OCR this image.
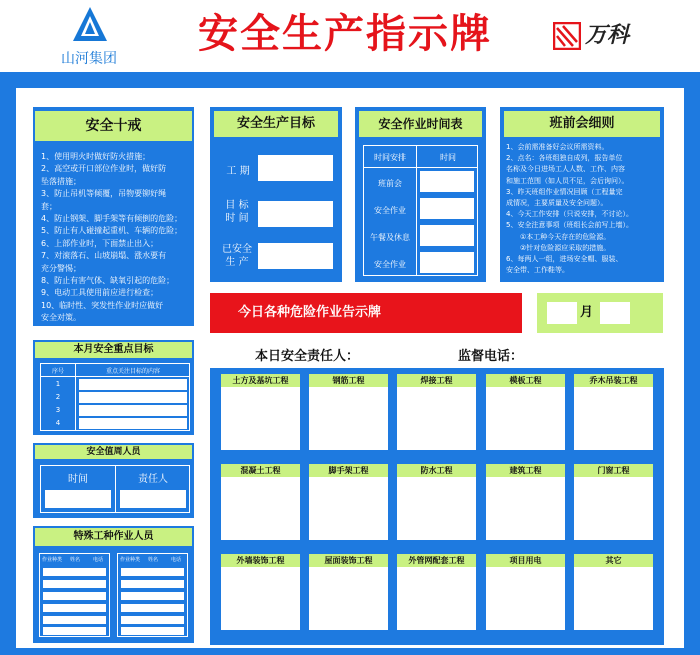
山河集团
安全生产指示牌	万科
安全十戒
1、使用明火时做好防火措施；
2、高空或开口部位作业时，做好防
坠落措施；
3、防止吊机等倾覆，吊物要铆好绳
套；
4、防止钢架、脚手架等有倾倒的危险；
5、防止有人碰撞起重机、车辆的危险；
6、上部作业时，下面禁止出入；
7、对滚落石、山坡崩塌、涨水要有
充分警惕；
8、防止有害气体、缺氧引起的危险；
9、电动工具使用前应进行检查；
10、临时性、突发性作业时应做好
安全对策。
安全生产目标
工 期
目 标 时 间
已安全 生 产
安全作业时间表
时间安排	时间
班前会
安全作业
午餐及休息
安全作业
班前会细则
1、会前需准备好会议所需资料。
2、点名：各班组独自成列，报告单位
名称及今日进场工人人数、工作、内容
和施工范围（如人员不足，会后询问）。
3、昨天班组作业情况回顾（工程量完
成情况，主要质量及安全问题）。
4、今天工作安排（只说安排，不讨论）。
5、安全注意事项（班组长会前写上墙）。
①本工种今天存在的危险源。
②针对危险源应采取的措施。
6、每两人一组，进场安全帽、服装、
安全带、工作鞋等。
今日各种危险作业告示牌	月
本日安全责任人：	监督电话：
土方及基坑工程	钢筋工程	焊接工程	模板工程	乔木吊装工程
混凝土工程	脚手架工程	防水工程	建筑工程	门窗工程
外墙装饰工程	屋面装饰工程	外管网配套工程	项目用电	其它
本月安全重点目标
序号	重点关注目标的内容
1
2
3
4
安全值周人员
时间	责任人
特殊工种作业人员
作业种类	姓名	电话	作业种类	姓名	电话
